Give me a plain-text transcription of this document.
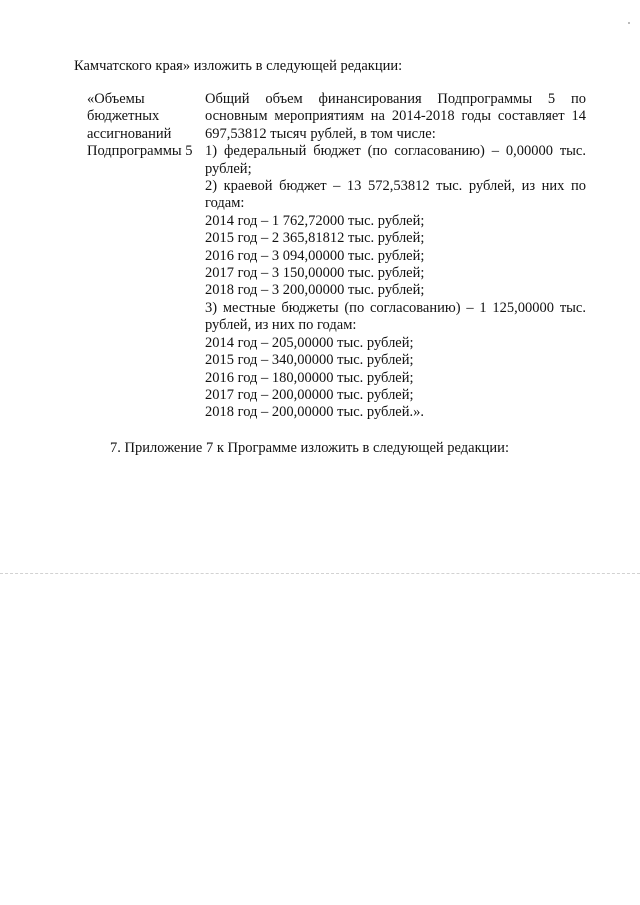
Камчатского края» изложить в следующей редакции:
«Объемы
бюджетных
ассигнований
Подпрограммы 5
Общий объем финансирования Подпрограммы 5 по основным мероприятиям на 2014-2018 годы составляет 14 697,53812 тысяч рублей, в том числе:
1) федеральный бюджет (по согласованию) – 0,00000 тыс. рублей;
2) краевой бюджет – 13 572,53812 тыс. рублей, из них по годам:
2014 год – 1 762,72000 тыс. рублей;
2015 год – 2 365,81812 тыс. рублей;
2016 год – 3 094,00000 тыс. рублей;
2017 год – 3 150,00000 тыс. рублей;
2018 год – 3 200,00000 тыс. рублей;
3) местные бюджеты (по согласованию) – 1 125,00000 тыс. рублей, из них по годам:
2014 год – 205,00000 тыс. рублей;
2015 год – 340,00000 тыс. рублей;
2016 год – 180,00000 тыс. рублей;
2017 год – 200,00000 тыс. рублей;
2018 год – 200,00000 тыс. рублей.».
7. Приложение 7 к Программе изложить в следующей редакции:
